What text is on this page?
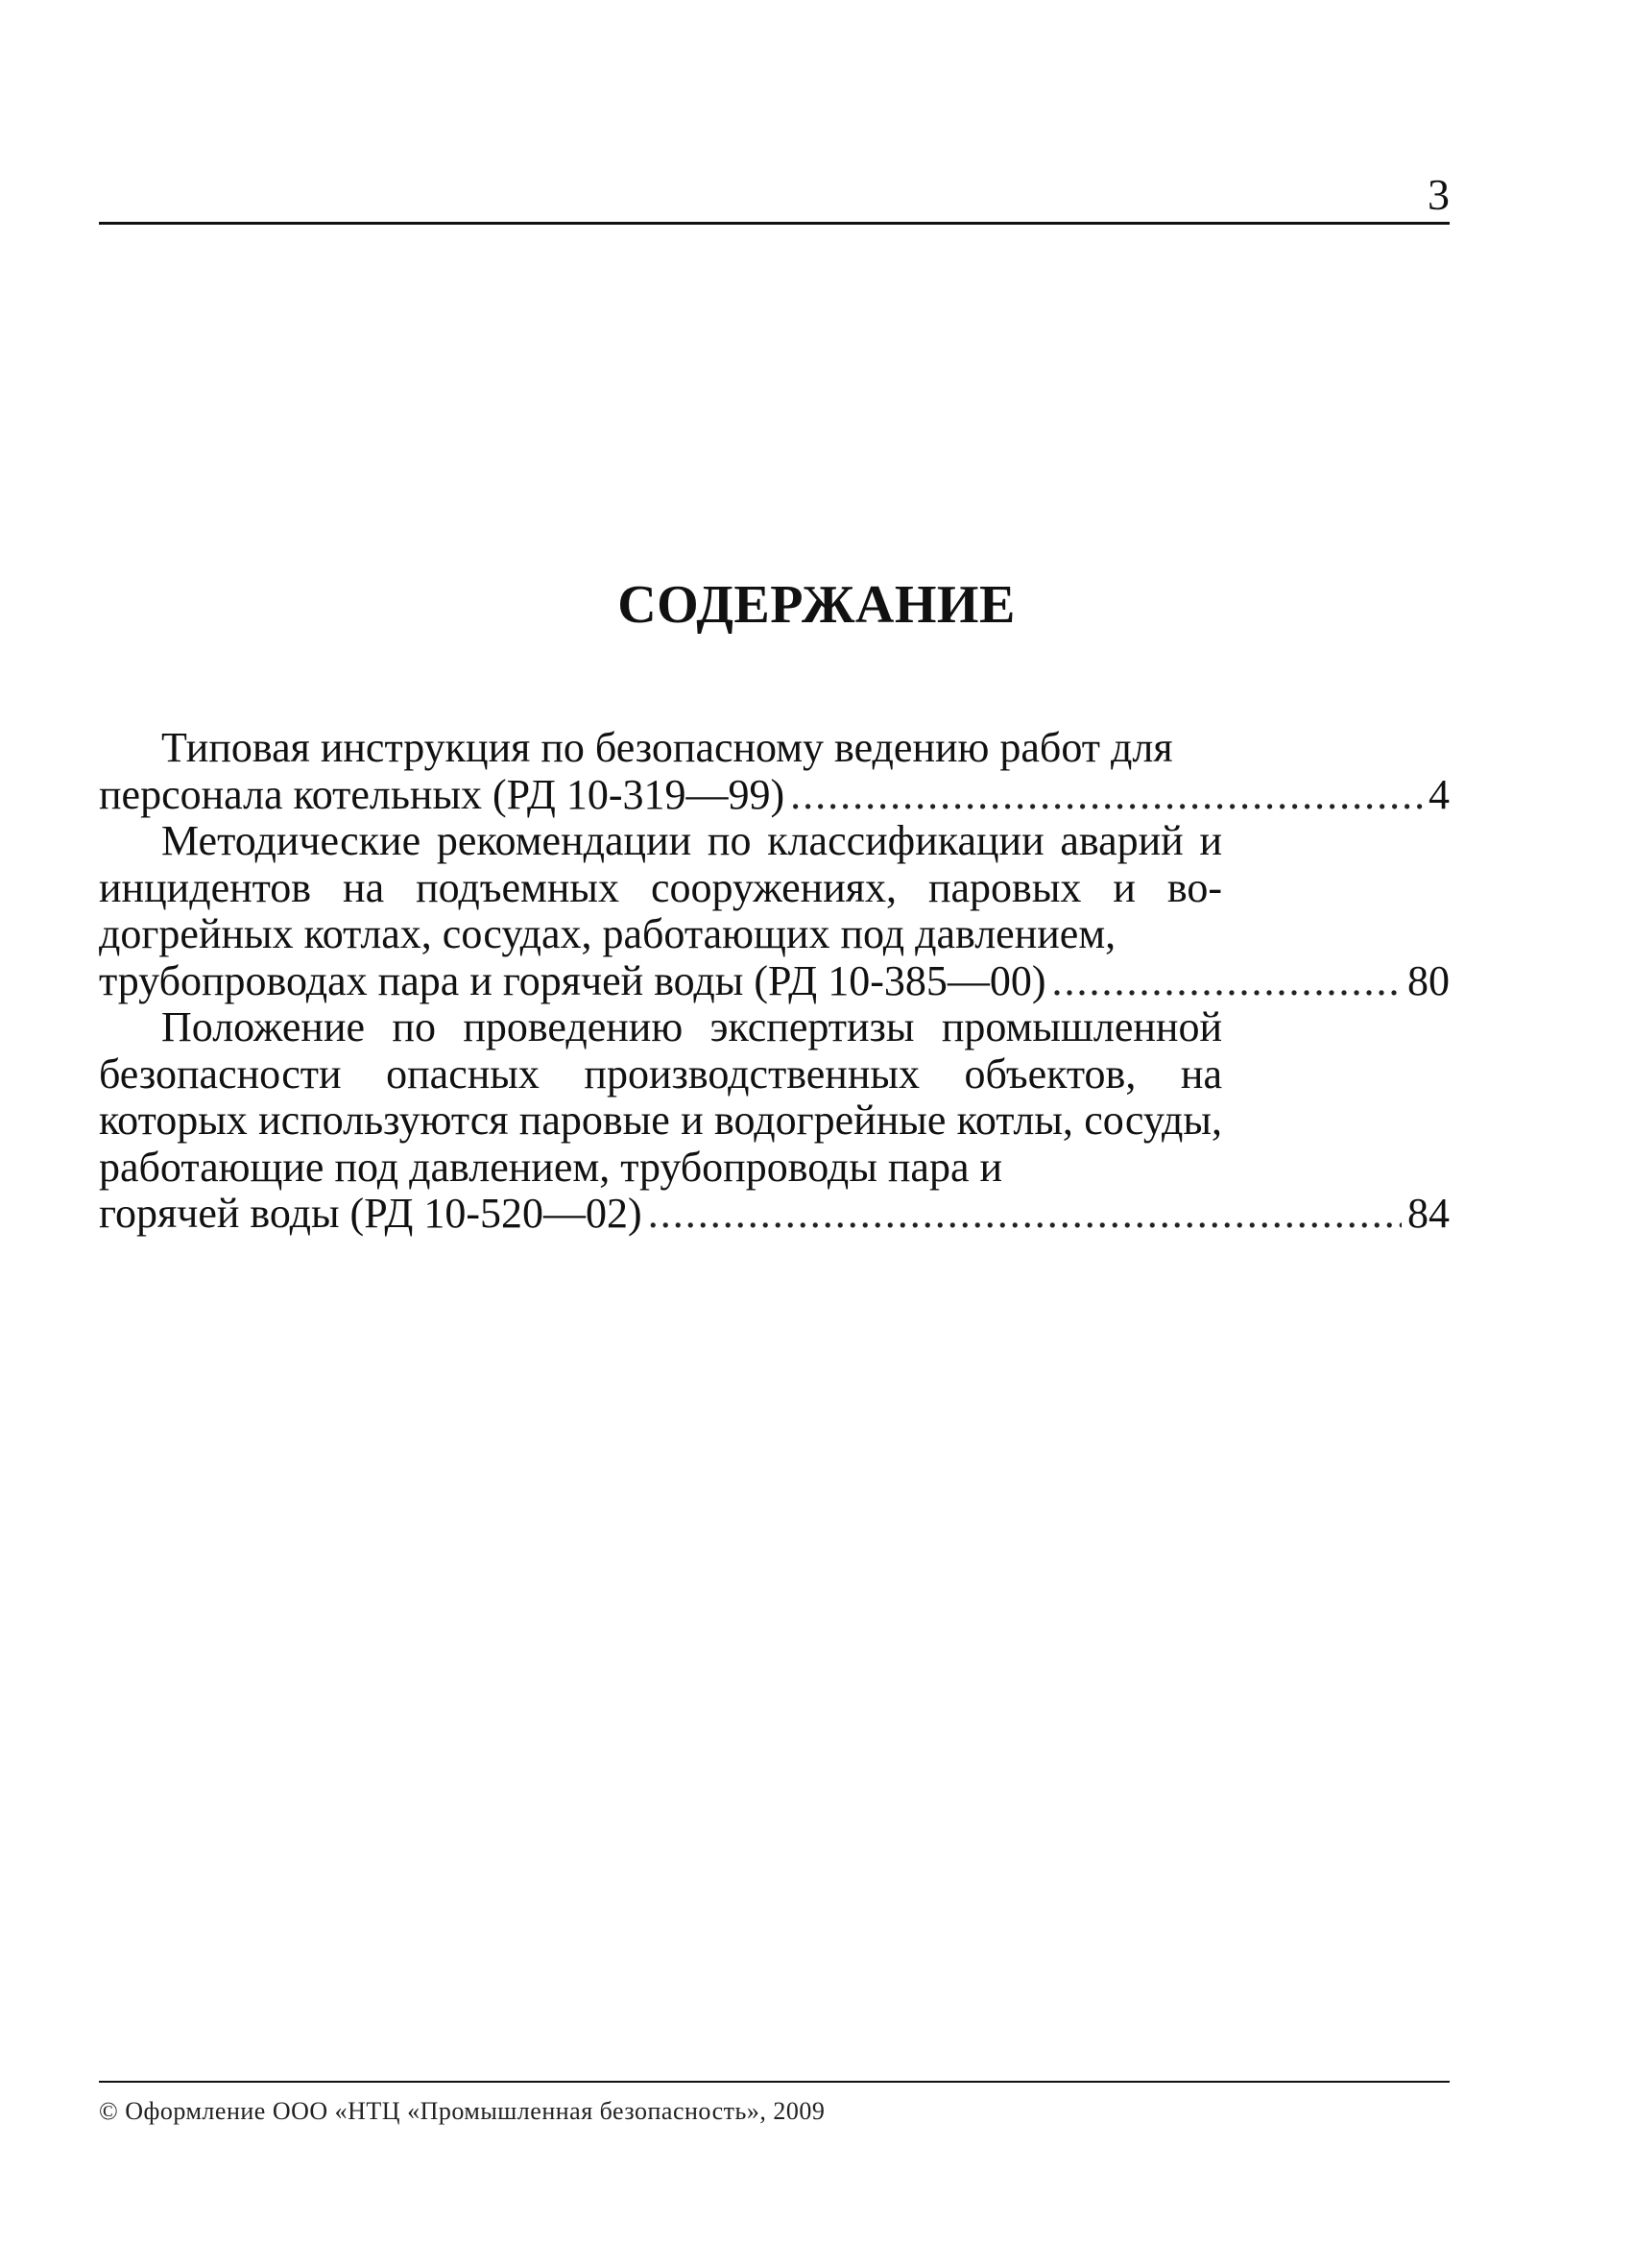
3
СОДЕРЖАНИЕ
Типовая инструкция по безопасному ведению работ для
персонала котельных (РД 10-319—99) .....	4
Методические рекомендации по классификации аварий и инцидентов на подъемных сооружениях, паровых и во-догрейных котлах, сосудах, работающих под давлением,
трубопроводах пара и горячей воды (РД 10-385—00) .....	80
Положение по проведению экспертизы промышленной безопасности опасных производственных объектов, на которых используются паровые и водогрейные котлы, сосуды, работающие под давлением, трубопроводы пара и
горячей воды (РД 10-520—02) .....	84
© Оформление ООО «НТЦ «Промышленная безопасность», 2009
